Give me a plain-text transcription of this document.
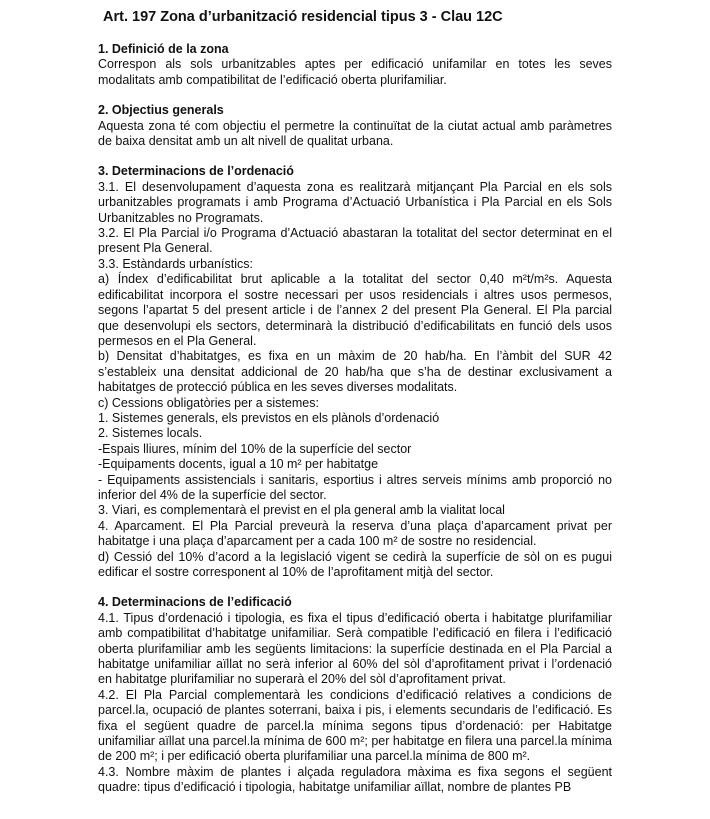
Art. 197 Zona d’urbanització residencial tipus 3 - Clau 12C
1. Definició de la zona

Correspon als sols urbanitzables aptes per edificació unifamilar en totes les seves modalitats amb compatibilitat de l’edificació oberta plurifamiliar.

2. Objectius generals

Aquesta zona té com objectiu el permetre la continuïtat de la ciutat actual amb paràmetres de baixa densitat amb un alt nivell de qualitat urbana.

3. Determinacions de l’ordenació

3.1. El desenvolupament d’aquesta zona es realitzarà mitjançant Pla Parcial en els sols urbanitzables programats i amb Programa d’Actuació Urbanística i Pla Parcial en els Sols Urbanitzables no Programats.

3.2. El Pla Parcial i/o Programa d’Actuació abastaran la totalitat del sector determinat en el present Pla General.

3.3. Estàndards urbanístics:

a) Índex d’edificabilitat brut aplicable a la totalitat del sector 0,40 m²t/m²s. Aquesta edificabilitat incorpora el sostre necessari per usos residencials i altres usos permesos, segons l’apartat 5 del present article i de l’annex 2 del present Pla General. El Pla parcial que desenvolupi els sectors, determinarà la distribució d’edificabilitats en funció dels usos permesos en el Pla General.

b) Densitat d’habitatges, es fixa en un màxim de 20 hab/ha. En l’àmbit del SUR 42 s’estableix una densitat addicional de 20 hab/ha que s’ha de destinar exclusivament a habitatges de protecció pública en les seves diverses modalitats.

c) Cessions obligatòries per a sistemes:

1. Sistemes generals, els previstos en els plànols d’ordenació

2. Sistemes locals.

-Espais lliures, mínim del 10% de la superfície del sector

-Equipaments docents, igual a 10 m² per habitatge

- Equipaments assistencials i sanitaris, esportius i altres serveis mínims amb proporció no inferior del 4% de la superfície del sector.

3. Viari, es complementarà el previst en el pla general amb la vialitat local

4. Aparcament. El Pla Parcial preveurà la reserva d’una plaça d’aparcament privat per habitatge i una plaça d’aparcament per a cada 100 m² de sostre no residencial.

d) Cessió del 10% d’acord a la legislació vigent se cedirà la superfície de sòl on es pugui edificar el sostre corresponent al 10% de l’aprofitament mitjà del sector.

4. Determinacions de l’edificació

4.1. Tipus d’ordenació i tipologia, es fixa el tipus d’edificació oberta i habitatge plurifamiliar amb compatibilitat d’habitatge unifamiliar. Serà compatible l’edificació en filera i l’edificació oberta plurifamiliar amb les següents limitacions: la superfície destinada en el Pla Parcial a habitatge unifamiliar aïllat no serà inferior al 60% del sòl d’aprofitament privat i l’ordenació en habitatge plurifamiliar no superarà el 20% del sòl d’aprofitament privat.

4.2. El Pla Parcial complementarà les condicions d’edificació relatives a condicions de parcel.la, ocupació de plantes soterrani, baixa i pis, i elements secundaris de l’edificació. Es fixa el següent quadre de parcel.la mínima segons tipus d’ordenació: per Habitatge unifamiliar aïllat una parcel.la mínima de 600 m²; per habitatge en filera una parcel.la mínima de 200 m²; i per edificació oberta plurifamiliar una parcel.la mínima de 800 m².

4.3. Nombre màxim de plantes i alçada reguladora màxima es fixa segons el següent quadre: tipus d’edificació i tipologia, habitatge unifamiliar aïllat, nombre de plantes PB
